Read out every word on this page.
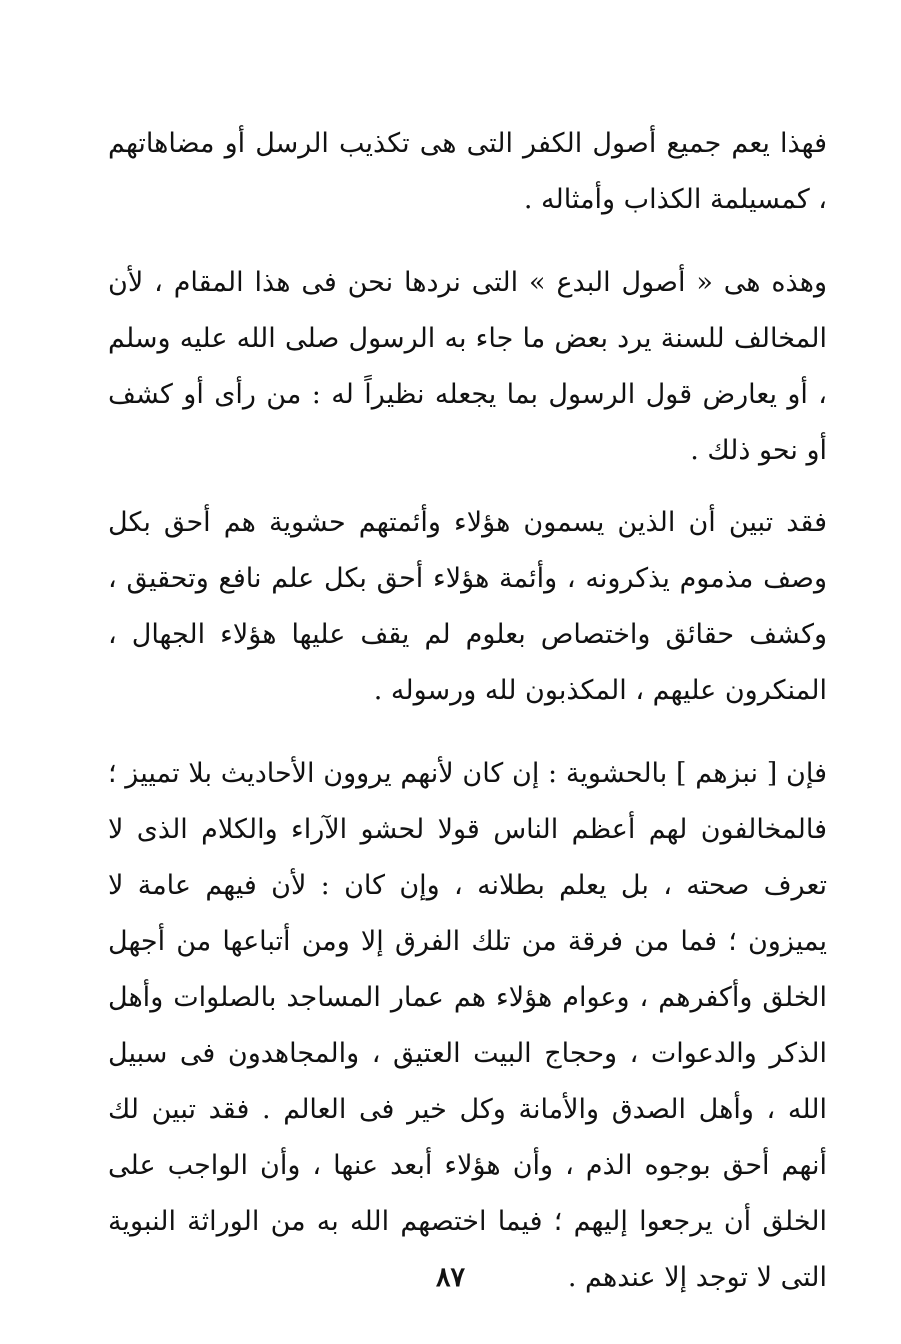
فهذا يعم جميع أصول الكفر التى هى تكذيب الرسل أو مضاهاتهم ، كمسيلمة الكذاب وأمثاله .

وهذه هى « أصول البدع » التى نردها نحن فى هذا المقام ، لأن المخالف للسنة يرد بعض ما جاء به الرسول صلى الله عليه وسلم ، أو يعارض قول الرسول بما يجعله نظيراً له : من رأى أو كشف أو نحو ذلك .

فقد تبين أن الذين يسمون هؤلاء وأئمتهم حشوية هم أحق بكل وصف مذموم يذكرونه ، وأئمة هؤلاء أحق بكل علم نافع وتحقيق ، وكشف حقائق واختصاص بعلوم لم يقف عليها هؤلاء الجهال ، المنكرون عليهم ، المكذبون لله ورسوله .

فإن [ نبزهم ] بالحشوية : إن كان لأنهم يروون الأحاديث بلا تمييز ؛ فالمخالفون لهم أعظم الناس قولا لحشو الآراء والكلام الذى لا تعرف صحته ، بل يعلم بطلانه ، وإن كان : لأن فيهم عامة لا يميزون ؛ فما من فرقة من تلك الفرق إلا ومن أتباعها من أجهل الخلق وأكفرهم ، وعوام هؤلاء هم عمار المساجد بالصلوات وأهل الذكر والدعوات ، وحجاج البيت العتيق ، والمجاهدون فى سبيل الله ، وأهل الصدق والأمانة وكل خير فى العالم . فقد تبين لك أنهم أحق بوجوه الذم ، وأن هؤلاء أبعد عنها ، وأن الواجب على الخلق أن يرجعوا إليهم ؛ فيما اختصهم الله به من الوراثة النبوية التى لا توجد إلا عندهم .

٨٧
